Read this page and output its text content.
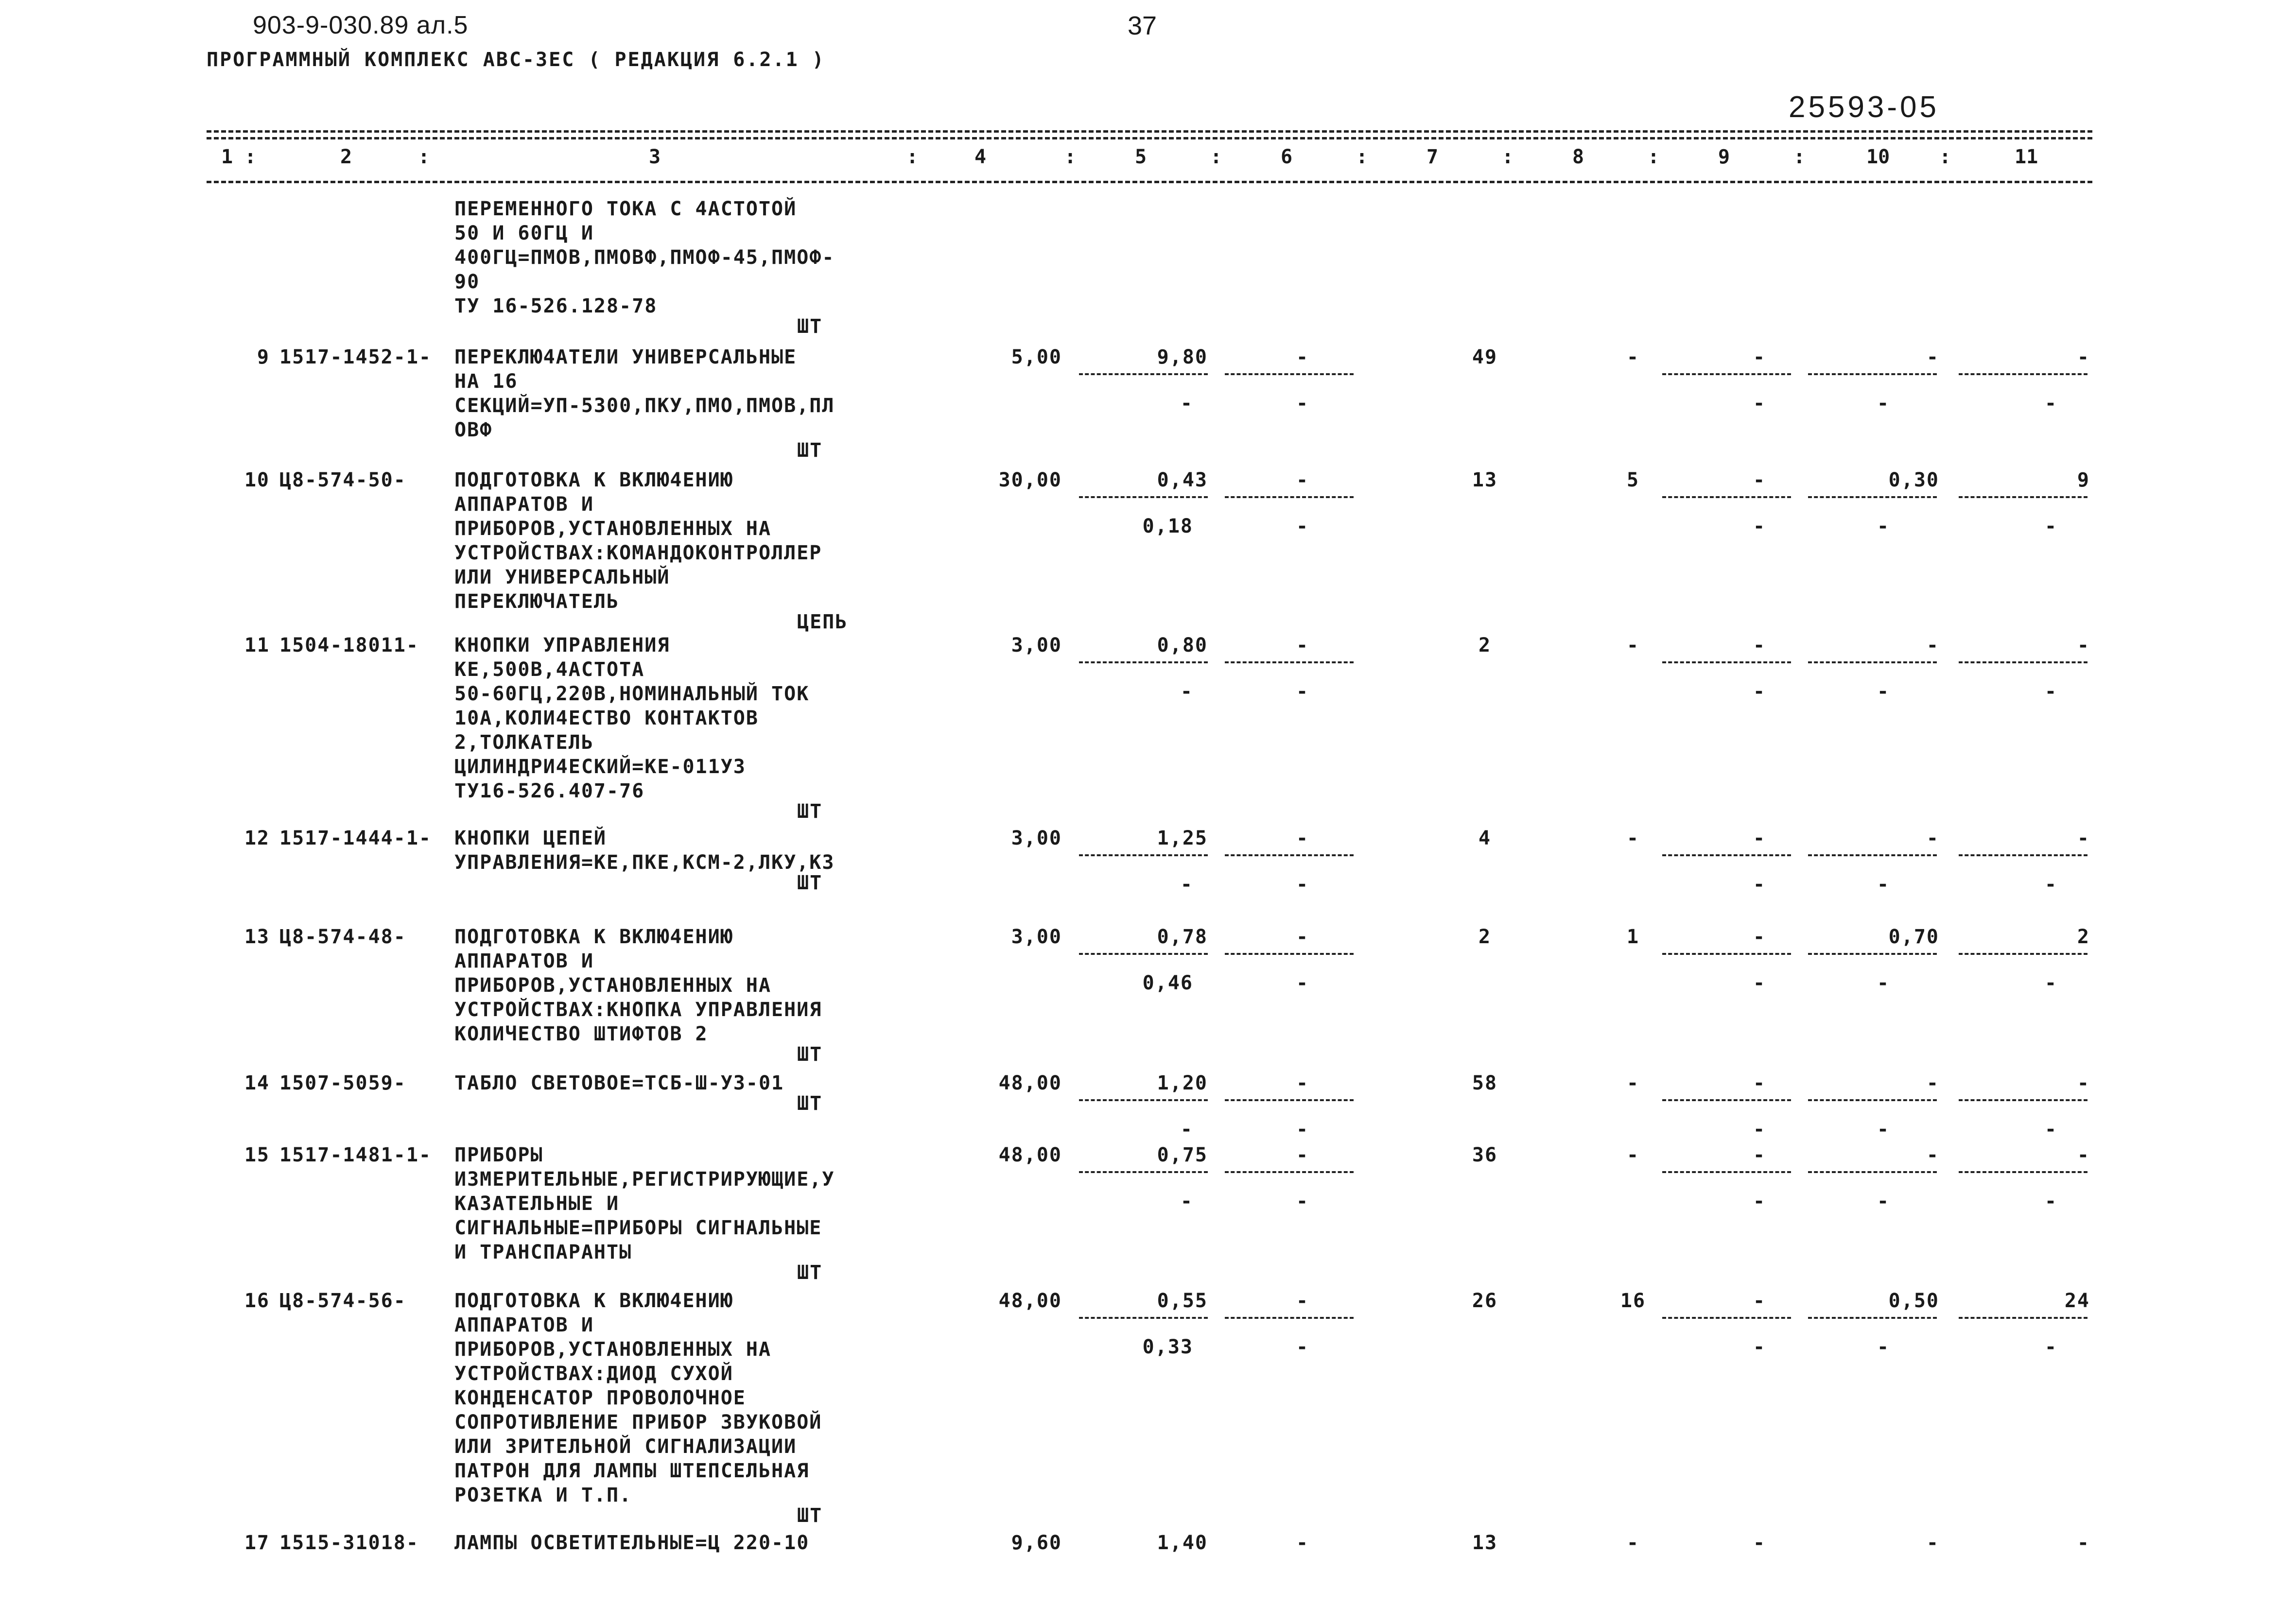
903-9-030.89 ал.5	37
ПРОГРАММНЫЙ КОМПЛЕКС АВС-3ЕС ( РЕДАКЦИЯ 6.2.1 )
25593-05
1 :	2	:	3	:	4	:	5	:	6	:	7	:	8	:	9	:	10	:	11
ПЕРЕМЕННОГО ТОКА С 4АСТОТОЙ
50 И 60ГЦ И
400ГЦ=ПМОВ,ПМОВФ,ПМОФ-45,ПМОФ-
90
ТУ 16-526.128-78
ШТ
9 1517-1452-1- ПЕРЕКЛЮ4АТЕЛИ УНИВЕРСАЛЬНЫЕ
НА 16
СЕКЦИЙ=УП-5300,ПКУ,ПМО,ПМОВ,ПЛ
ОВФ
ШТ
5,00	9,80	-	49	-	-	-	-
-	-	-	-	-
10 Ц8-574-50- ПОДГОТОВКА К ВКЛЮ4ЕНИЮ
АППАРАТОВ И
ПРИБОРОВ,УСТАНОВЛЕННЫХ НА
УСТРОЙСТВАХ:КОМАНДОКОНТРОЛЛЕР
ИЛИ УНИВЕРСАЛЬНЫЙ
ПЕРЕКЛЮЧАТЕЛЬ
ЦЕПЬ
30,00	0,43	-	13	5	-	0,30	9
0,18	-	-	-	-
11 1504-18011- КНОПКИ УПРАВЛЕНИЯ
КЕ,500В,4АСТОТА
50-60ГЦ,220В,НОМИНАЛЬНЫЙ ТОК
10А,КОЛИ4ЕСТВО КОНТАКТОВ
2,ТОЛКАТЕЛЬ
ЦИЛИНДРИ4ЕСКИЙ=КЕ-011У3
ТУ16-526.407-76
ШТ
3,00	0,80	-	2	-	-	-	-
-	-	-	-	-
12 1517-1444-1- КНОПКИ ЦЕПЕЙ
УПРАВЛЕНИЯ=КЕ,ПКЕ,КСМ-2,ЛКУ,КЗ
ШТ
3,00	1,25	-	4	-	-	-	-
-	-	-	-	-
13 Ц8-574-48- ПОДГОТОВКА К ВКЛЮ4ЕНИЮ
АППАРАТОВ И
ПРИБОРОВ,УСТАНОВЛЕННЫХ НА
УСТРОЙСТВАХ:КНОПКА УПРАВЛЕНИЯ
КОЛИЧЕСТВО ШТИФТОВ 2
ШТ
3,00	0,78	-	2	1	-	0,70	2
0,46	-	-	-	-
14 1507-5059- ТАБЛО СВЕТОВОЕ=ТСБ-Ш-У3-01
ШТ
48,00	1,20	-	58	-	-	-	-
-	-	-	-	-
15 1517-1481-1- ПРИБОРЫ
ИЗМЕРИТЕЛЬНЫЕ,РЕГИСТРИРУЮЩИЕ,У
КАЗАТЕЛЬНЫЕ И
СИГНАЛЬНЫЕ=ПРИБОРЫ СИГНАЛЬНЫЕ
И ТРАНСПАРАНТЫ
ШТ
48,00	0,75	-	36	-	-	-	-
-	-	-	-	-
16 Ц8-574-56- ПОДГОТОВКА К ВКЛЮ4ЕНИЮ
АППАРАТОВ И
ПРИБОРОВ,УСТАНОВЛЕННЫХ НА
УСТРОЙСТВАХ:ДИОД СУХОЙ
КОНДЕНСАТОР ПРОВОЛОЧНОЕ
СОПРОТИВЛЕНИЕ ПРИБОР ЗВУКОВОЙ
ИЛИ ЗРИТЕЛЬНОЙ СИГНАЛИЗАЦИИ
ПАТРОН ДЛЯ ЛАМПЫ ШТЕПСЕЛЬНАЯ
РОЗЕТКА И Т.П.
ШТ
48,00	0,55	-	26	16	-	0,50	24
0,33	-	-	-	-
17 1515-31018- ЛАМПЫ ОСВЕТИТЕЛЬНЫЕ=Ц 220-10	9,60	1,40	-	13	-	-	-	-
